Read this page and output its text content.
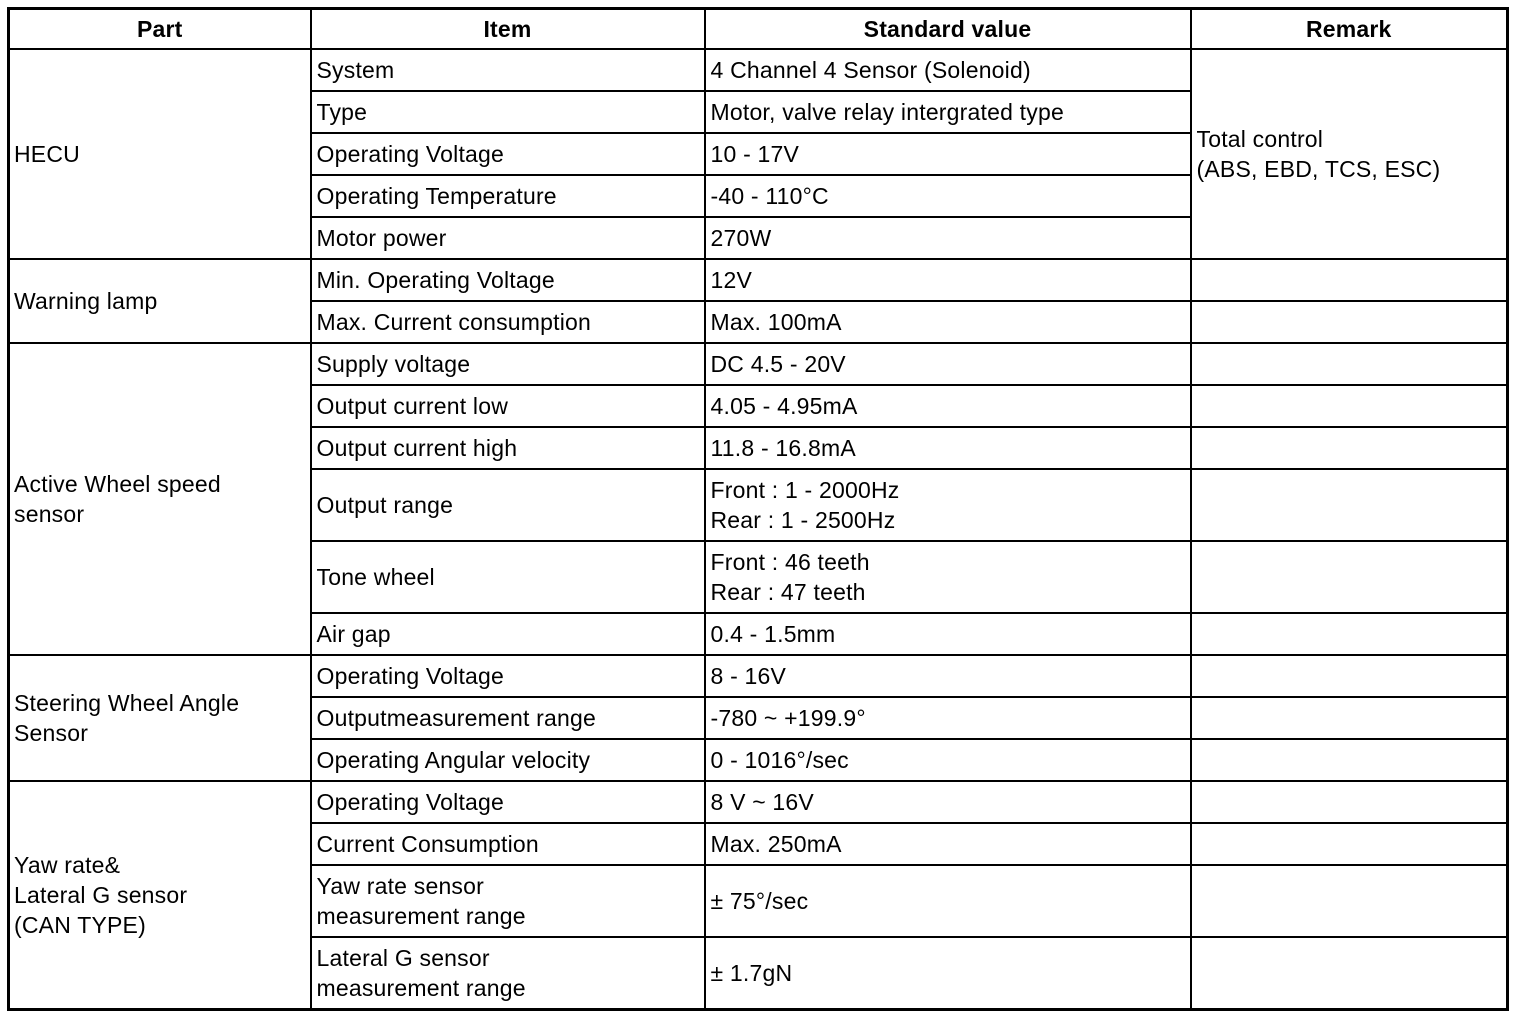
Part	Item	Standard value	Remark
HECU	System	4 Channel 4 Sensor (Solenoid)	Total control
(ABS, EBD, TCS, ESC)
	Type	Motor, valve relay intergrated type	
	Operating Voltage	10 - 17V	
	Operating Temperature	-40 - 110°C	
	Motor power	270W	
Warning lamp	Min. Operating Voltage	12V	
	Max. Current consumption	Max. 100mA	
Active Wheel speed
sensor	Supply voltage	DC 4.5 - 20V	
	Output current low	4.05 - 4.95mA	
	Output current high	11.8 - 16.8mA	
	Output range	Front : 1 - 2000Hz
Rear : 1 - 2500Hz	
	Tone wheel	Front : 46 teeth
Rear : 47 teeth	
	Air gap	0.4 - 1.5mm	
Steering Wheel Angle
Sensor	Operating Voltage	8 - 16V	
	Outputmeasurement range	-780 ~ +199.9°	
	Operating Angular velocity	0 - 1016°/sec	
Yaw rate&
Lateral G sensor
(CAN TYPE)	Operating Voltage	8 V ~ 16V	
	Current Consumption	Max. 250mA	
	Yaw rate sensor
measurement range	± 75°/sec	
	Lateral G sensor
measurement range	± 1.7gN	
